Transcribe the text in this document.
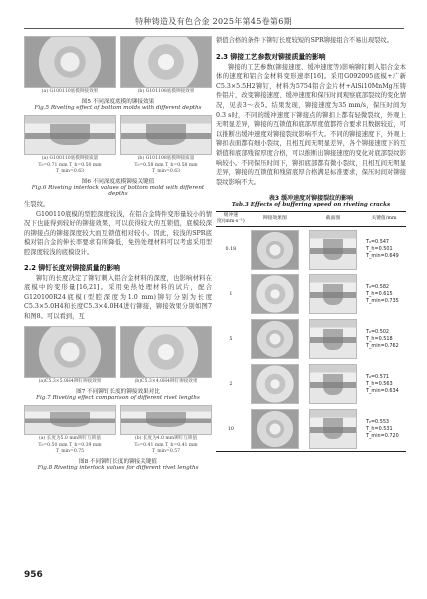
特种铸造及有色合金 2025年第45卷第6期
(a) G100110底模铆接效果	(b) G101108底模铆接效果
图5 不同深度底模的铆接效果
Fig.5 Riveting effect of bottom molds with different depths
(a) G100110底模铆接质量
T₀=0.71 mm T_h=0.50 mm T_min=0.63
(b) G101108底模铆接质量
T₀=0.58 mm T_h=0.58 mm T_min=0.63
图6 不同深度底模铆接关键值
Fig.6 Riveting interlock values of bottom mold with different depths

生裂纹。

G100110底模的型腔深度较浅，在铝合金铸件变形量较小的情况下也能得到较好的铆接效果，可以获得较大的互锁值，底模较深的铆接点的铆接深度较大而互锁值相对较小。因此，较浅的SPR底模对铝合金的伸长率要求有所降低，免热处理材料可以考虑采用型腔深度较浅的底模设计。

2.2 铆钉长度对铆接质量的影响

铆钉的长度决定了铆钉刺入铝合金材料的深度，也影响材料在底模中的变形量[16,21]。采用免热处理材料的试片，配合G120100R24底模(型腔深度为1.0 mm)铆钉分别为长度C5.3×5.0H4和长度C5.3×4.0H4进行铆接，铆接效果分别如图7和图8。可以看到，互

(a)C5.3×5.0H4铆钉铆接效果	(b)C5.3×4.0H4铆钉铆接效果
图7 不同铆钉长度的铆接效果对比
Fig.7 Riveting effect comparison of different rivet lengths
(a) 长度为5.0 mm铆钉互锁值
T₀=0.50 mm T_h=0.39 mm T_min=0.75
(b) 长度为4.0 mm铆钉互锁值
T₀=0.41 mm T_h=0.41 mm T_min=0.57
图8 不同铆钉长度的铆接关键值
Fig.8 Riveting interlock values for different rivet lengths

锁值合格的条件下铆钉长度较短的SPR铆接组合不易出现裂纹。

2.3 铆接工艺参数对铆接质量的影响

铆接的工艺参数(铆接速度、缓冲速度等)影响铆钉刺入铝合金本体的速度和铝合金材料变形速率[16]。采用G092095底模+广新C5.3×5.5H2铆钉，材料为5754铝合金片材+AlSi10MnMg压铸件铝片，改变铆接速度、缓冲速度和保压时间观察底部裂纹的变化情况，见表3～表5。结果发现，铆接速度为35 mm/s，保压时间为0.3 s时，不同的缓冲速度下铆接点的铆扣上都有轻微裂纹，外观上无明显差异，铆接的互锁值和底部厚度值都符合要求且数据较近，可以推断出缓冲速度对铆接裂纹影响不大。不同的铆接速度下，外观上铆扣表面都有细小裂纹，且相互间无明显差异，各个铆接速度下的互锁值和底部残留厚度合格，可以推断出铆接速度的变化对底部裂纹影响较小。不同保压时间下，铆扣底部都有微小裂纹，且相互间无明显差异，铆接的互锁值和残留底厚合格满足标准要求，保压时间对铆接裂纹影响不大。

表3 缓冲速度对铆接裂纹的影响
Tab.3 Effects of buffering speed on riveting cracks
缓冲速度/(mm·s⁻¹)	铆接效果图	截面图	关键值/mm
0.18			T₀=0.547
T_h=0.501
T_min=0.649

1			T₀=0.582
T_h=0.615
T_min=0.735

5			T₀=0.502
T_h=0.518
T_min=0.762

2			T₀=0.571
T_h=0.563
T_min=0.634

10			T₀=0.553
T_h=0.531
T_min=0.720
956
